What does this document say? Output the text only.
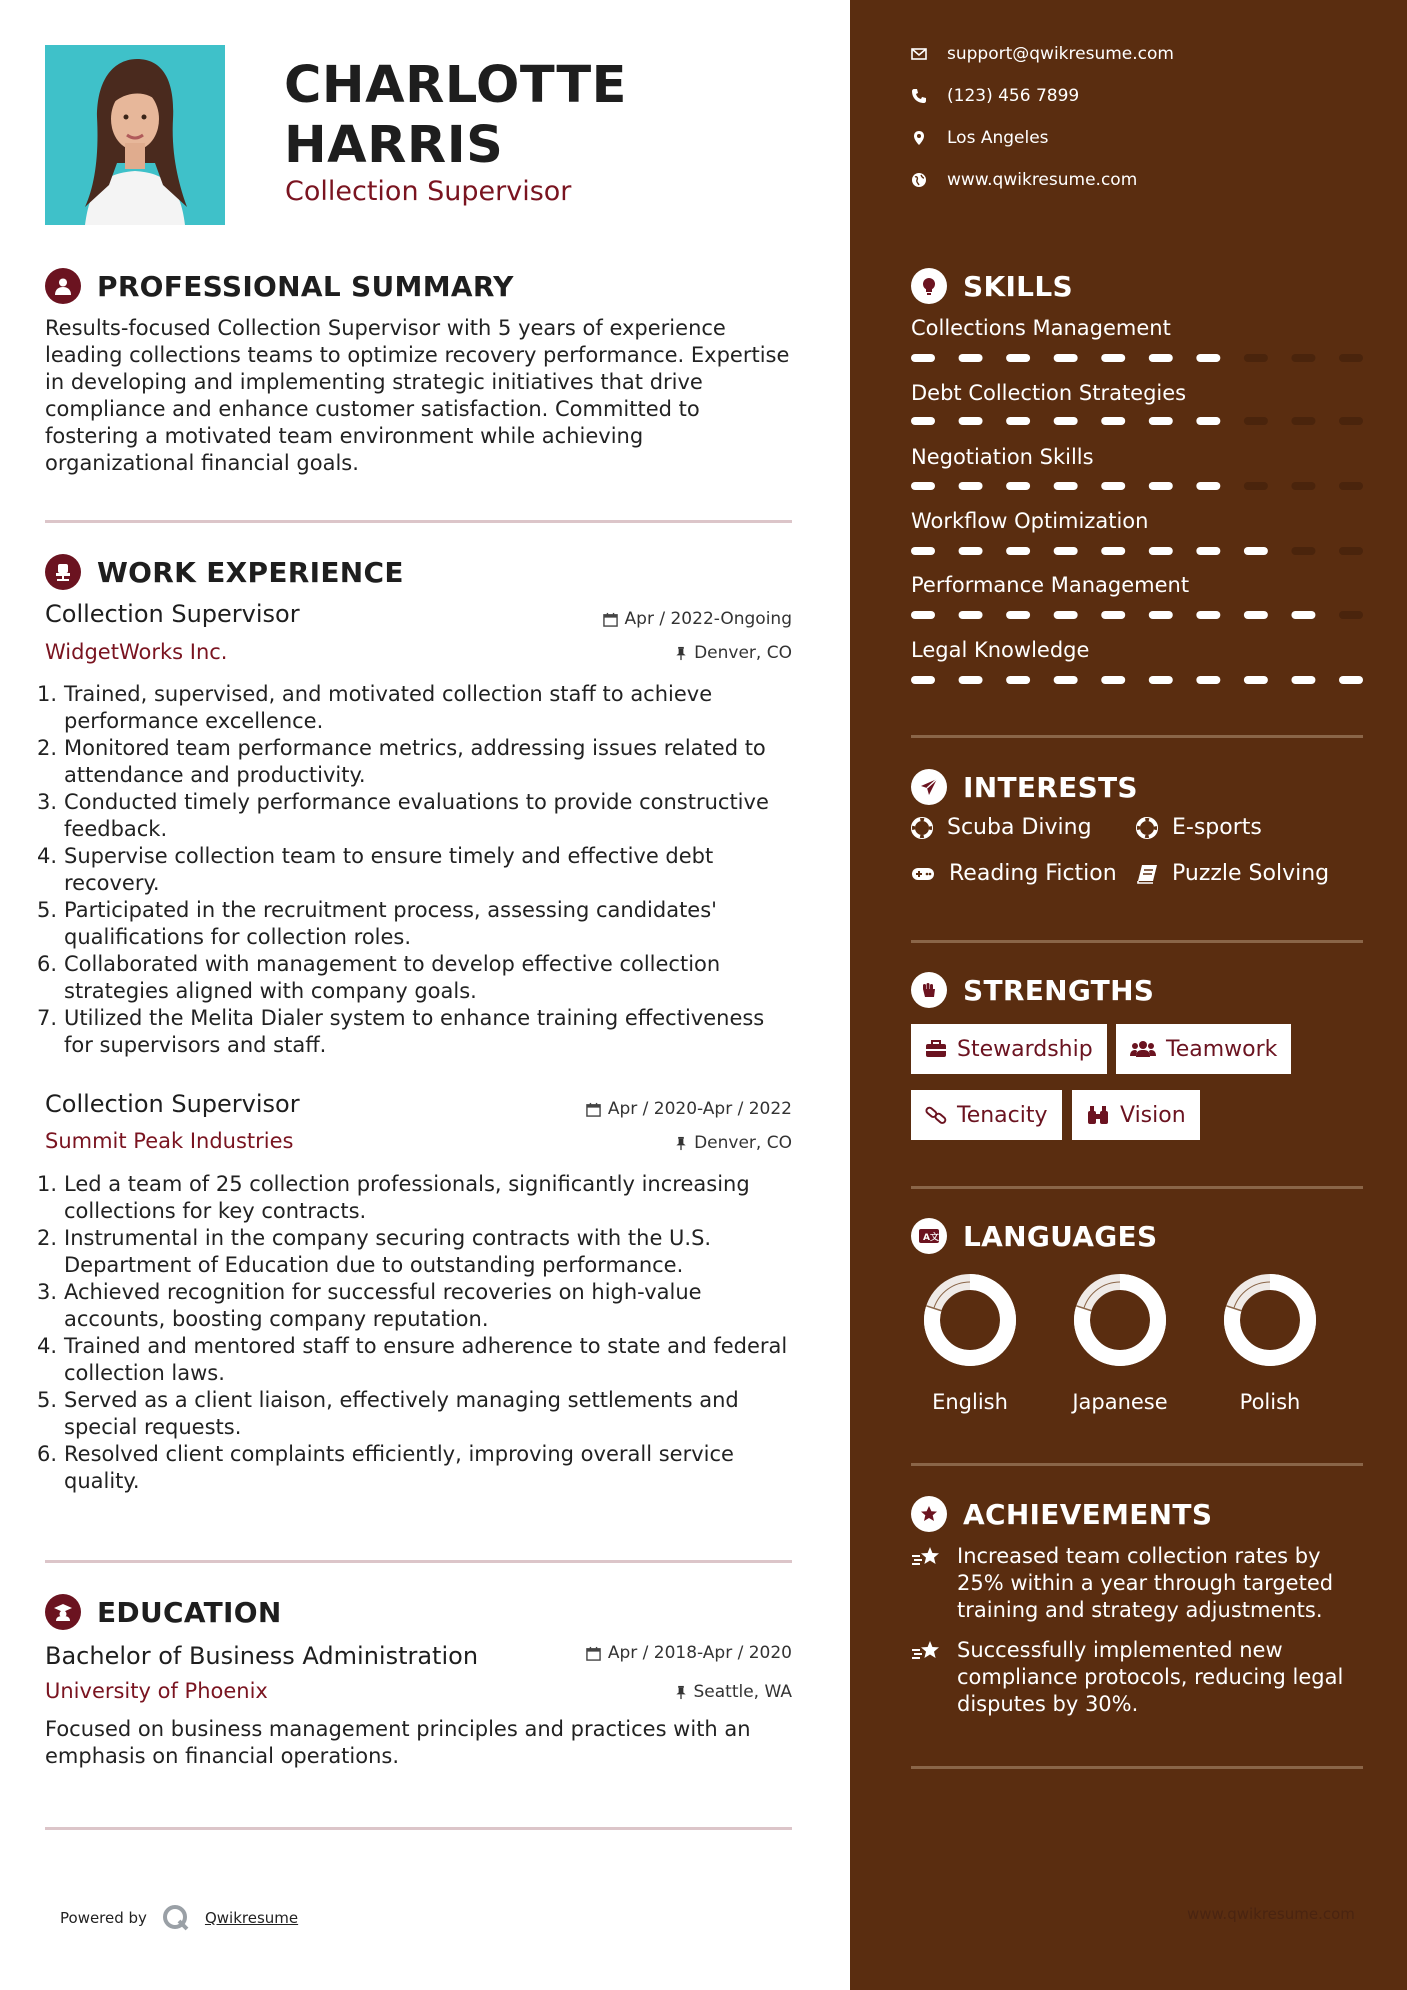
CHARLOTTE
HARRIS
Collection Supervisor
PROFESSIONAL SUMMARY
Results-focused Collection Supervisor with 5 years of experience leading collections teams to optimize recovery performance. Expertise in developing and implementing strategic initiatives that drive compliance and enhance customer satisfaction. Committed to fostering a motivated team environment while achieving organizational financial goals.
WORK EXPERIENCE
Collection Supervisor	Apr / 2022-Ongoing
WidgetWorks Inc.	Denver, CO
1. Trained, supervised, and motivated collection staff to achieve performance excellence.
2. Monitored team performance metrics, addressing issues related to attendance and productivity.
3. Conducted timely performance evaluations to provide constructive feedback.
4. Supervise collection team to ensure timely and effective debt recovery.
5. Participated in the recruitment process, assessing candidates' qualifications for collection roles.
6. Collaborated with management to develop effective collection strategies aligned with company goals.
7. Utilized the Melita Dialer system to enhance training effectiveness for supervisors and staff.
Collection Supervisor	Apr / 2020-Apr / 2022
Summit Peak Industries	Denver, CO
1. Led a team of 25 collection professionals, significantly increasing collections for key contracts.
2. Instrumental in the company securing contracts with the U.S. Department of Education due to outstanding performance.
3. Achieved recognition for successful recoveries on high-value accounts, boosting company reputation.
4. Trained and mentored staff to ensure adherence to state and federal collection laws.
5. Served as a client liaison, effectively managing settlements and special requests.
6. Resolved client complaints efficiently, improving overall service quality.
EDUCATION
Bachelor of Business Administration	Apr / 2018-Apr / 2020
University of Phoenix	Seattle, WA
Focused on business management principles and practices with an emphasis on financial operations.
Powered by	Qwikresume
support@qwikresume.com
(123) 456 7899
Los Angeles
www.qwikresume.com
SKILLS
Collections Management
Debt Collection Strategies
Negotiation Skills
Workflow Optimization
Performance Management
Legal Knowledge
INTERESTS
Scuba Diving	E-sports
Reading Fiction	Puzzle Solving
STRENGTHS
Stewardship	Teamwork
Tenacity	Vision
A 文 LANGUAGES
English	Japanese	Polish
ACHIEVEMENTS
Increased team collection rates by 25% within a year through targeted training and strategy adjustments.
Successfully implemented new compliance protocols, reducing legal disputes by 30%.
www.qwikresume.com
